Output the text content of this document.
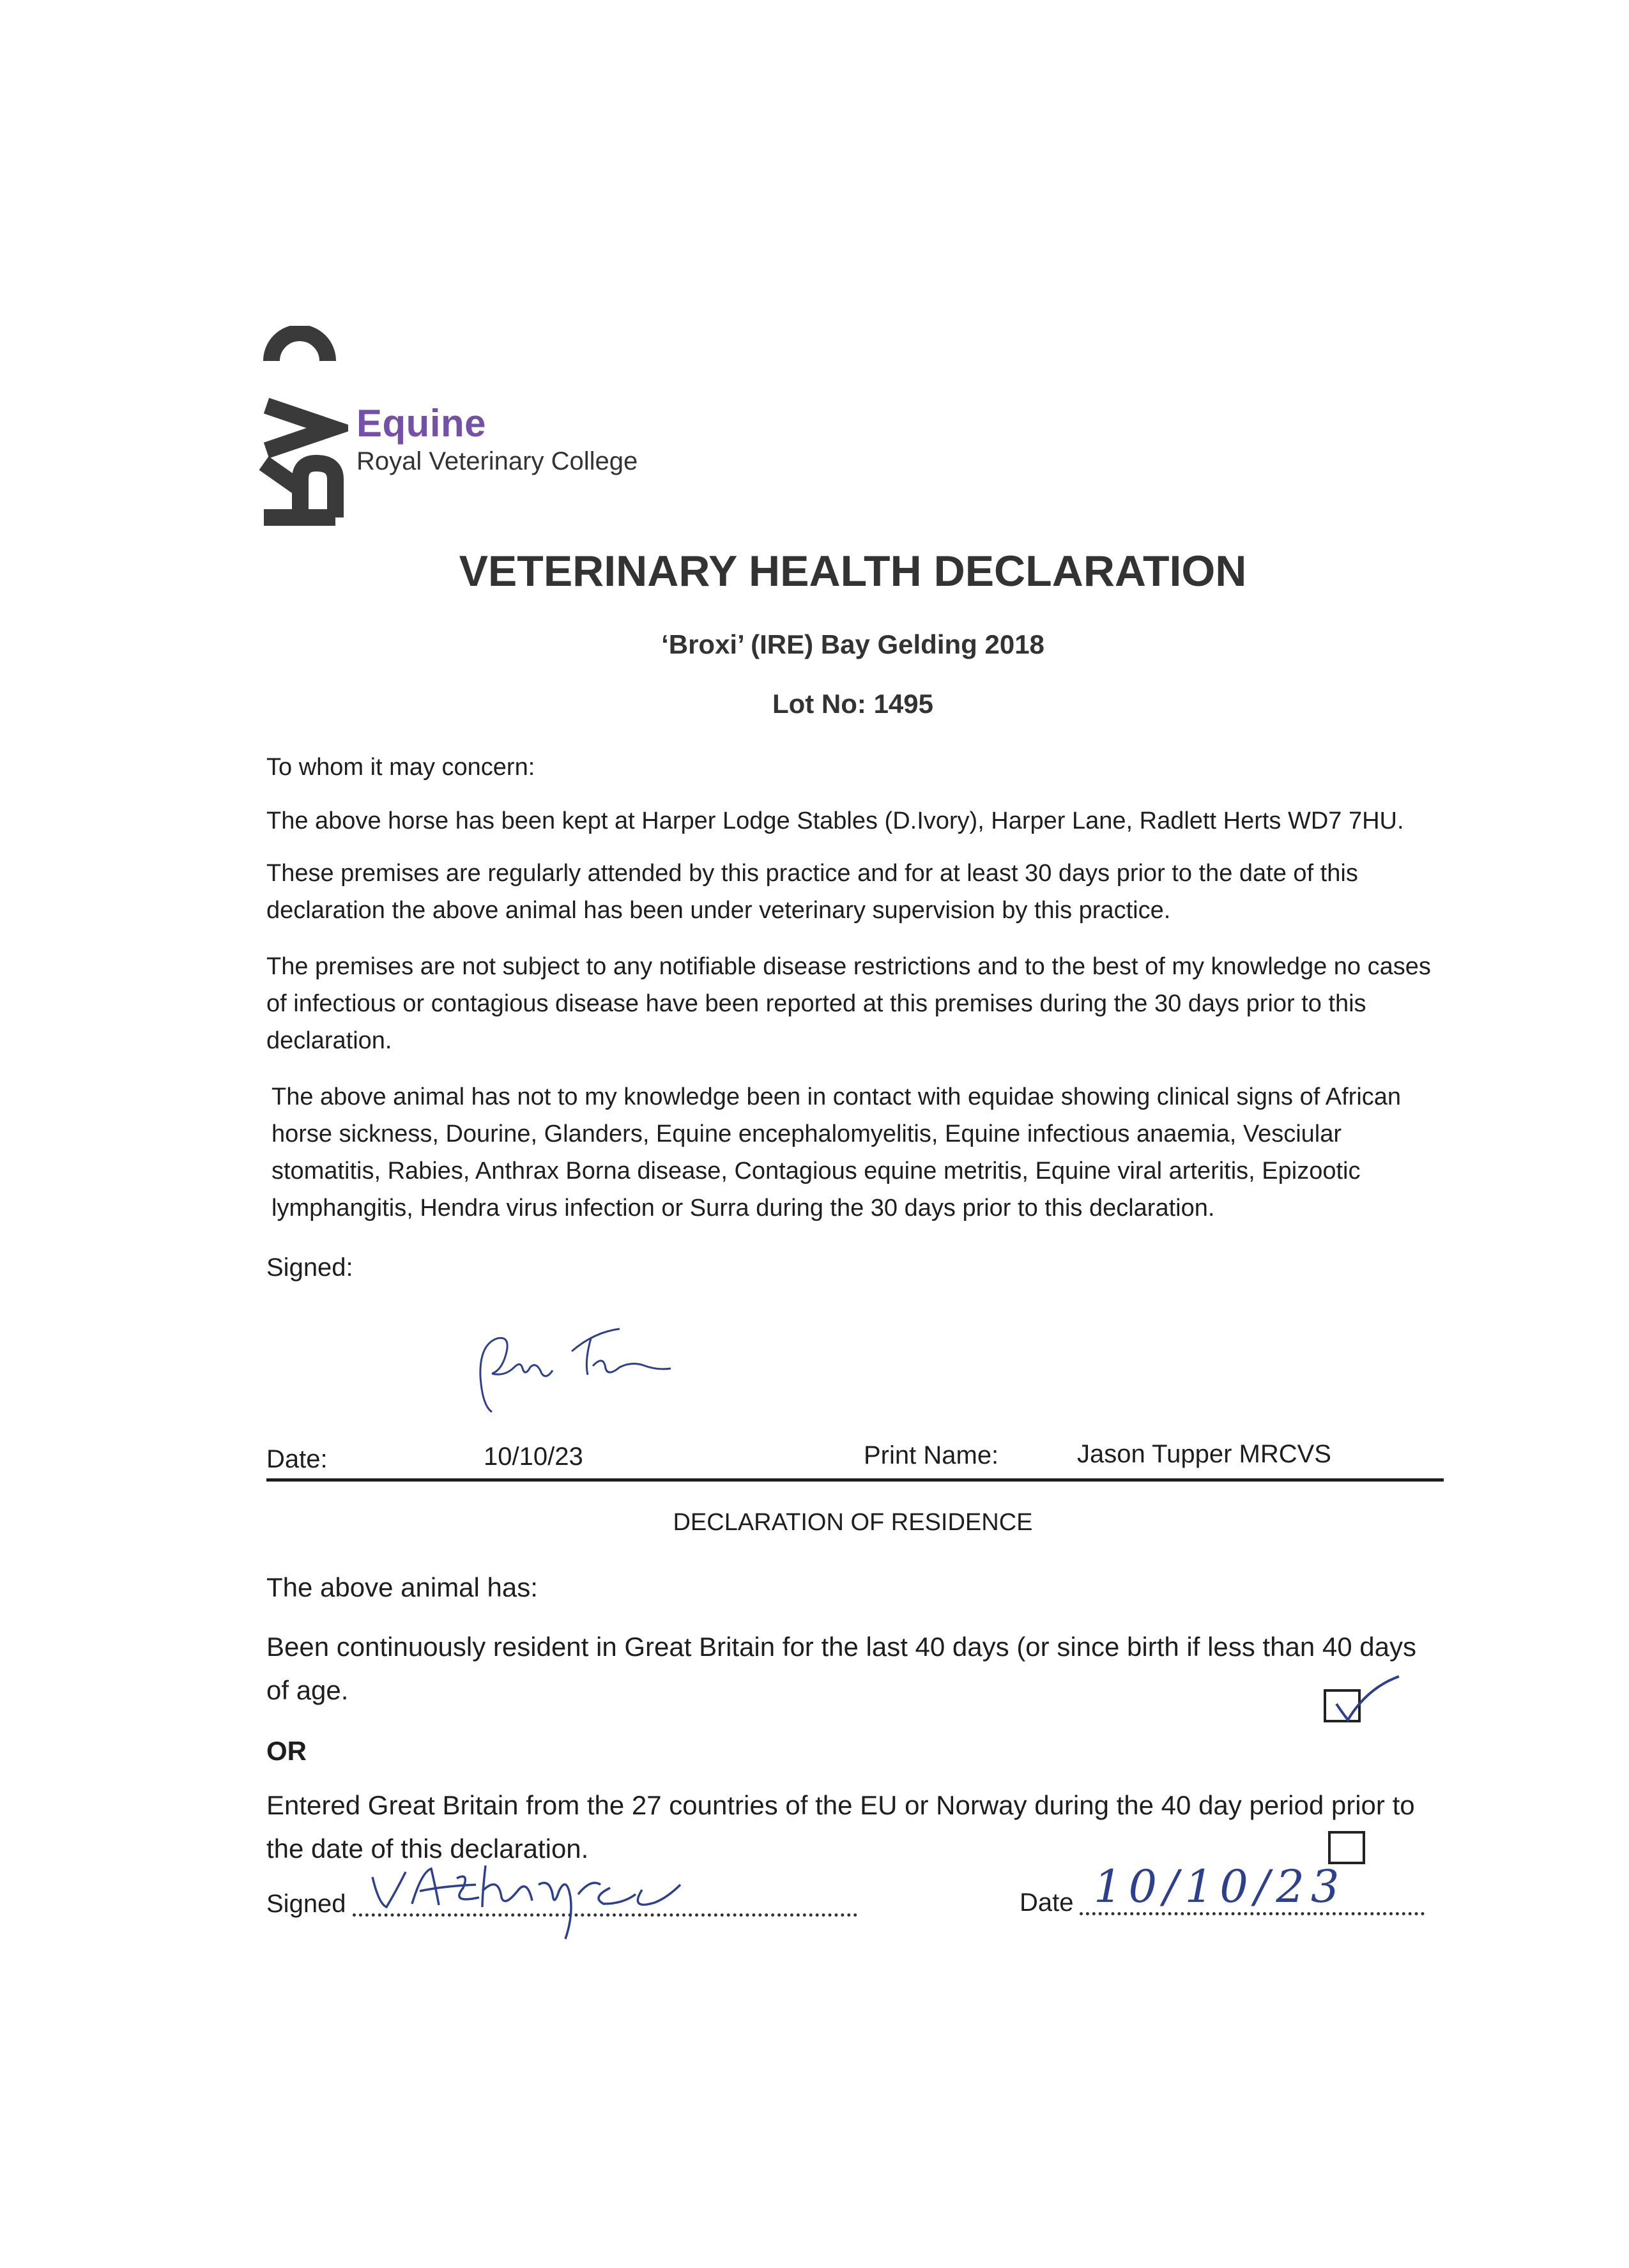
Equine
Royal Veterinary College
VETERINARY HEALTH DECLARATION
‘Broxi’ (IRE) Bay Gelding 2018
Lot No: 1495
To whom it may concern:
The above horse has been kept at Harper Lodge Stables (D.Ivory), Harper Lane, Radlett Herts WD7 7HU.
These premises are regularly attended by this practice and for at least 30 days prior to the date of this declaration the above animal has been under veterinary supervision by this practice.
The premises are not subject to any notifiable disease restrictions and to the best of my knowledge no cases of infectious or contagious disease have been reported at this premises during the 30 days prior to this declaration.
The above animal has not to my knowledge been in contact with equidae showing clinical signs of African horse sickness, Dourine, Glanders, Equine encephalomyelitis, Equine infectious anaemia, Vesciular stomatitis, Rabies, Anthrax Borna disease, Contagious equine metritis, Equine viral arteritis, Epizootic lymphangitis, Hendra virus infection or Surra during the 30 days prior to this declaration.
Signed:
Date:	10/10/23	Print Name:	Jason Tupper MRCVS
DECLARATION OF RESIDENCE
The above animal has:
Been continuously resident in Great Britain for the last 40 days (or since birth if less than 40 days of age.
OR
Entered Great Britain from the 27 countries of the EU or Norway during the 40 day period prior to the date of this declaration.
Signed	Date 10/10/23
